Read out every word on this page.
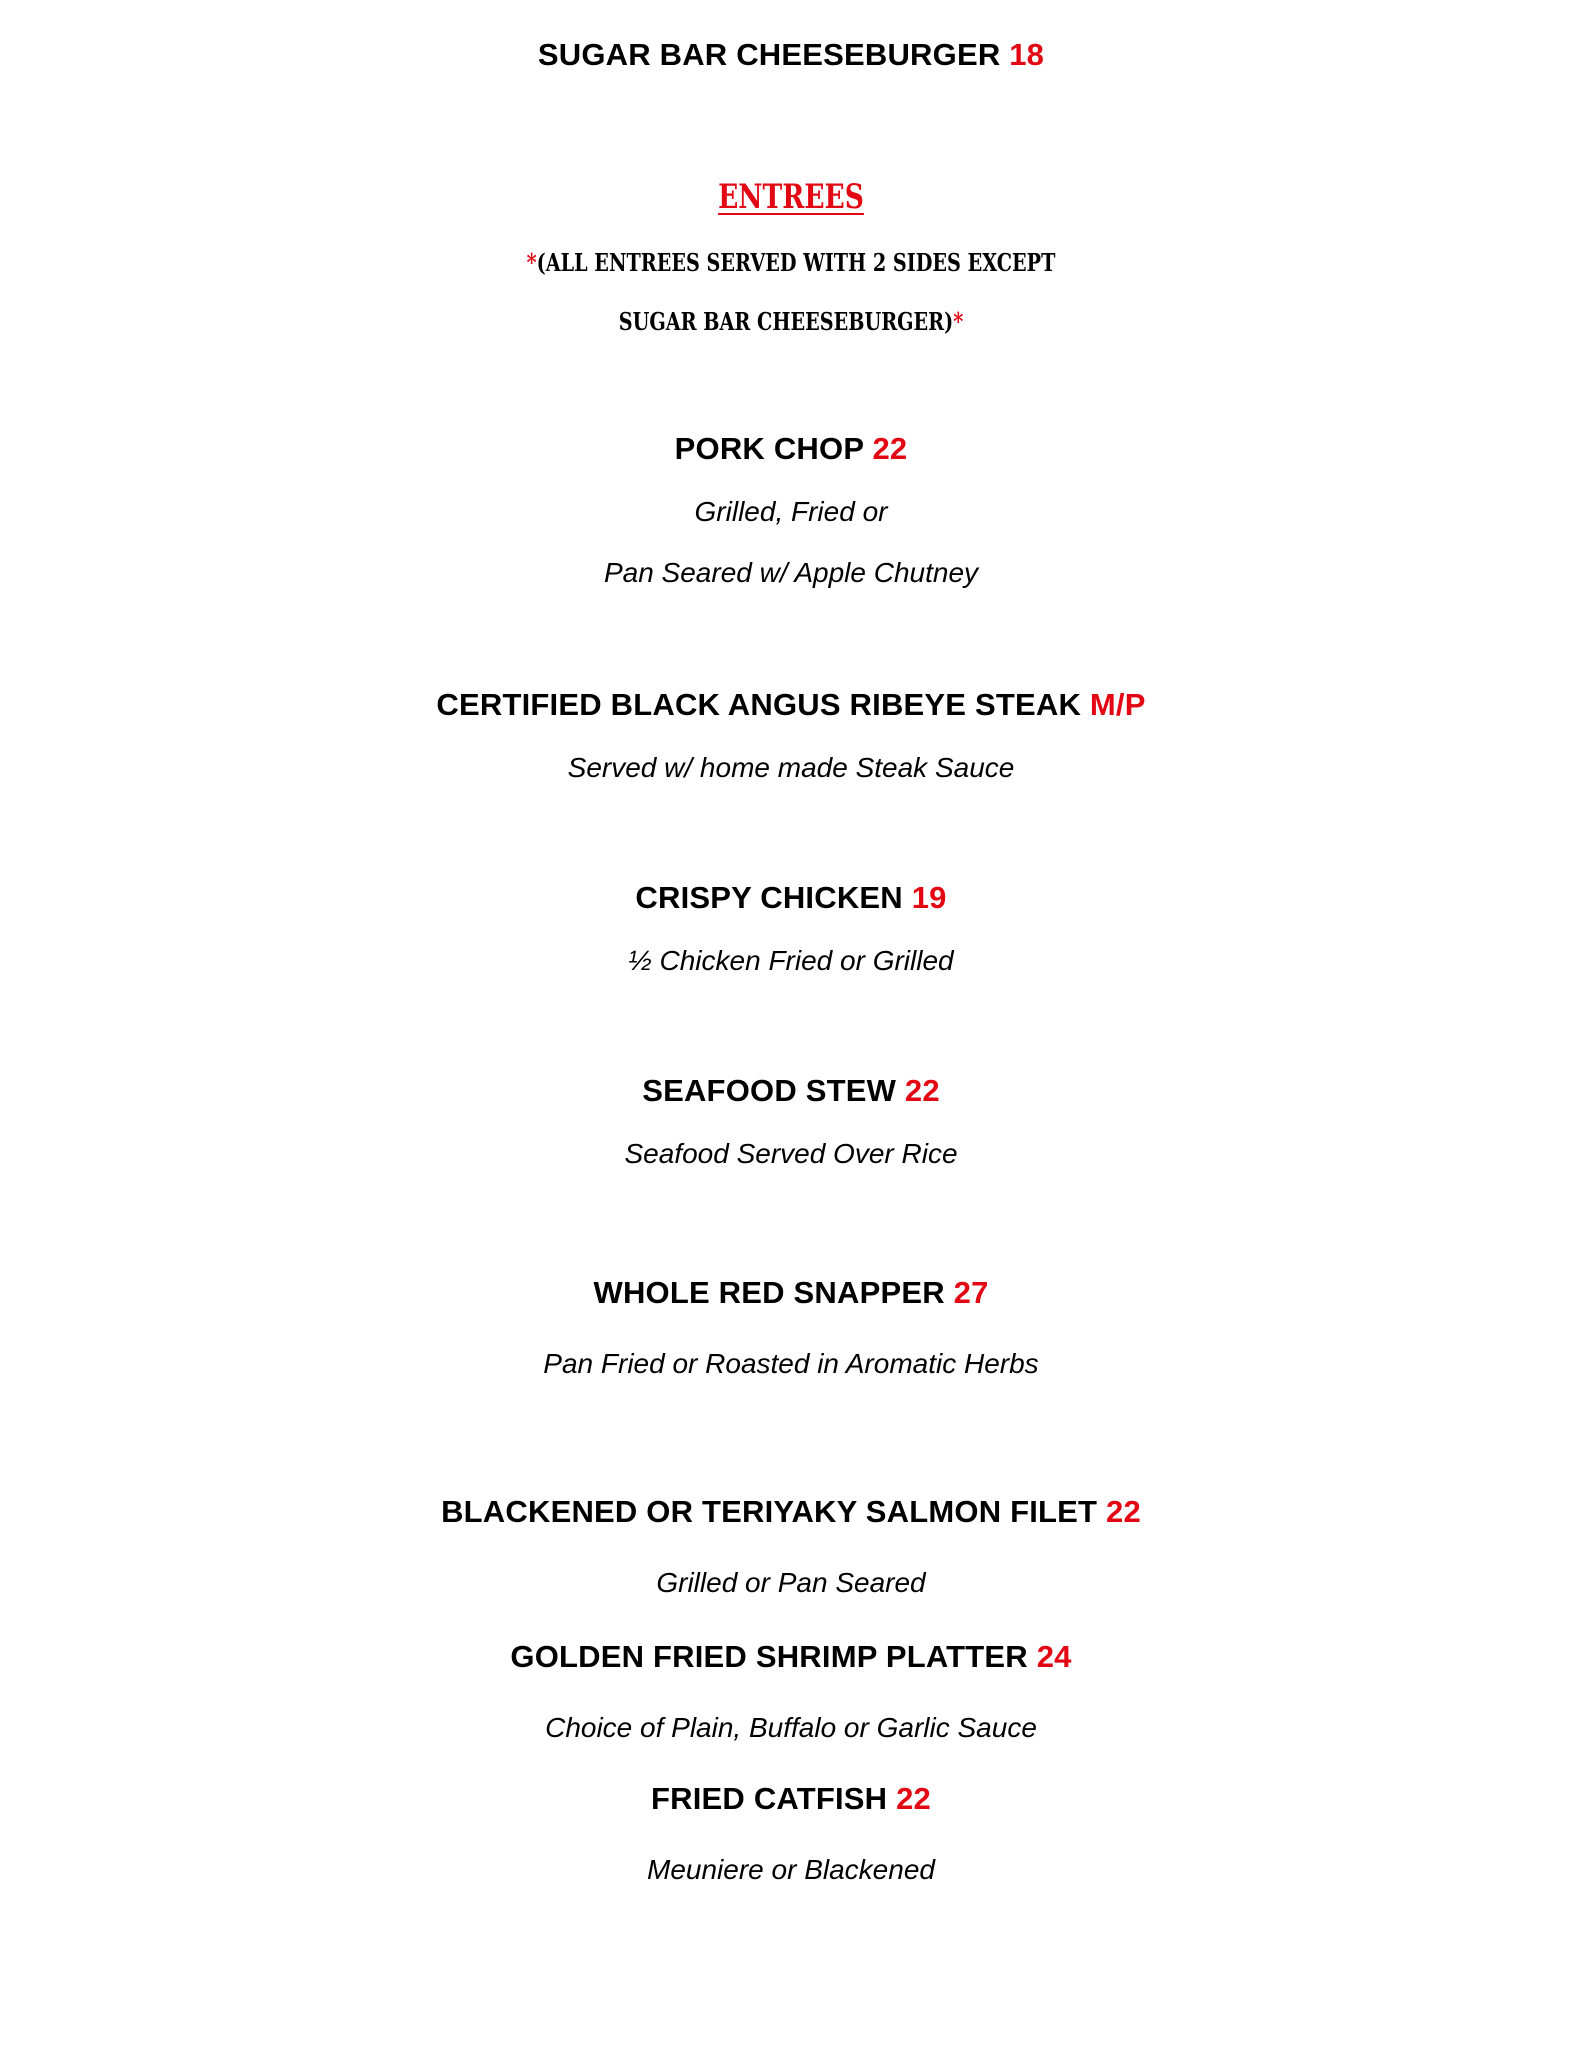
SUGAR BAR CHEESEBURGER 18
ENTREES
*(ALL ENTREES SERVED WITH 2 SIDES EXCEPT
SUGAR BAR CHEESEBURGER)*
PORK CHOP 22
Grilled, Fried or
Pan Seared w/ Apple Chutney
CERTIFIED BLACK ANGUS RIBEYE STEAK M/P
Served w/ home made Steak Sauce
CRISPY CHICKEN 19
½ Chicken Fried or Grilled
SEAFOOD STEW 22
Seafood Served Over Rice
WHOLE RED SNAPPER 27
Pan Fried or Roasted in Aromatic Herbs
BLACKENED OR TERIYAKY SALMON FILET 22
Grilled or Pan Seared
GOLDEN FRIED SHRIMP PLATTER 24
Choice of Plain, Buffalo or Garlic Sauce
FRIED CATFISH 22
Meuniere or Blackened
